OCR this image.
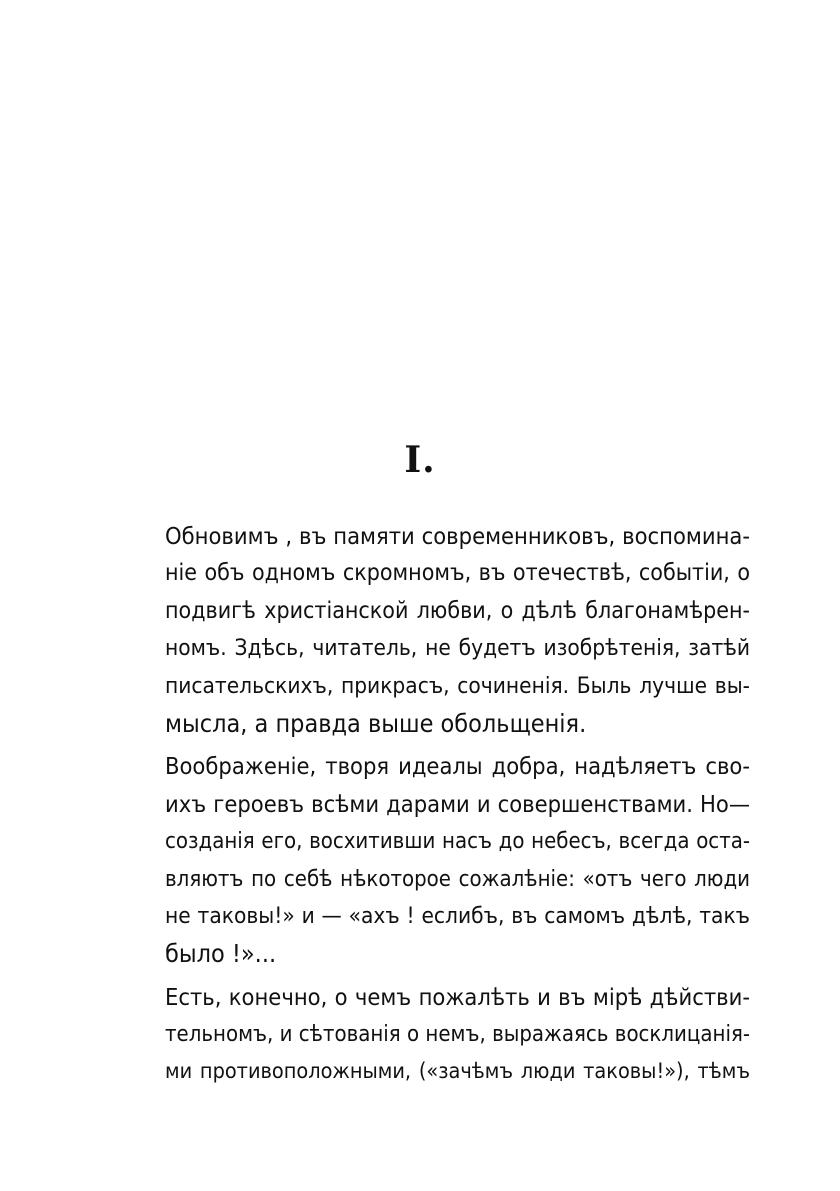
I.
Обновимъ , въ памяти современниковъ, воспомина-
нiе объ одномъ скромномъ, въ отечествѣ, событiи, о
подвигѣ христiанской любви, о дѣлѣ благонамѣрен-
номъ. Здѣсь, читатель, не будетъ изобрѣтенiя, затѣй
писательскихъ, прикрасъ, сочиненiя. Быль лучше вы-
мысла, а правда выше обольщенiя.
Воображенiе, творя идеалы добра, надѣляетъ сво-
ихъ героевъ всѣми дарами и совершенствами. Но—
созданiя его, восхитивши насъ до небесъ, всегда оста-
вляютъ по себѣ нѣкоторое сожалѣнiе: «отъ чего люди
не таковы!» и — «ахъ ! еслибъ, въ самомъ дѣлѣ, такъ
было !»...
Есть, конечно, о чемъ пожалѣть и въ мiрѣ дѣйстви-
тельномъ, и сѣтованiя о немъ, выражаясь восклицанiя-
ми противоположными, («зачѣмъ люди таковы!»), тѣмъ
